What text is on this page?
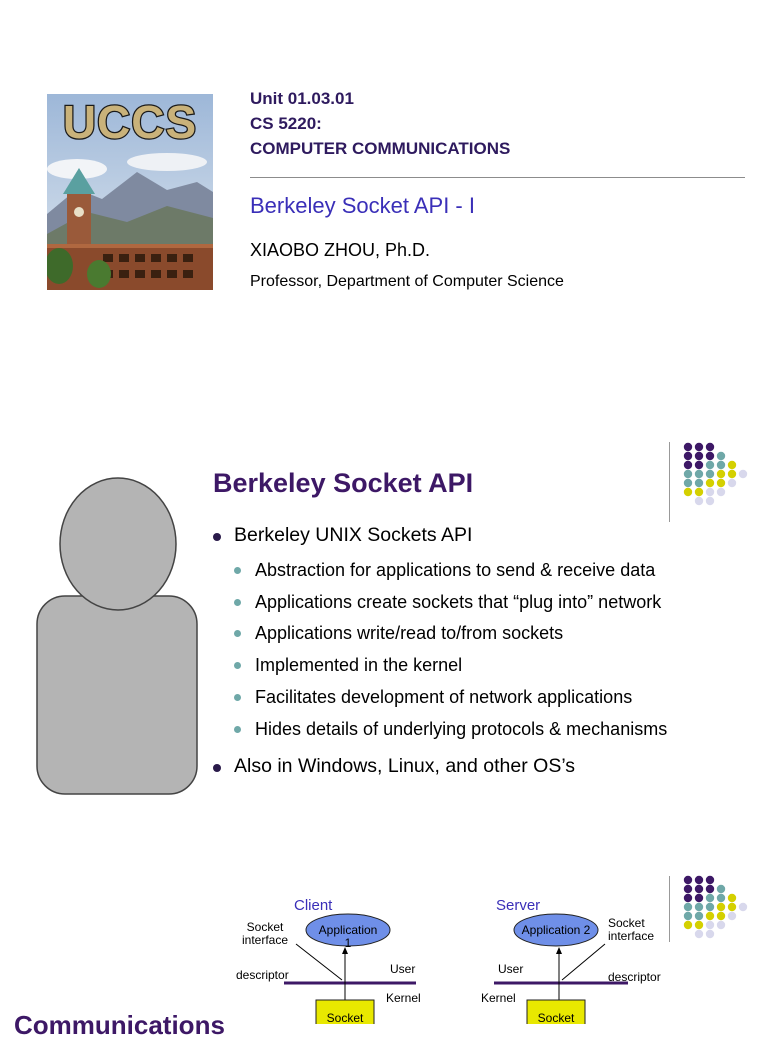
UCCS	Unit 01.03.01
CS 5220:
COMPUTER COMMUNICATIONS
Berkeley Socket API - I
XIAOBO ZHOU, Ph.D.
Professor, Department of Computer Science
Berkeley Socket API
Berkeley UNIX Sockets API
Abstraction for applications to send & receive data
Applications create sockets that “plug into” network
Applications write/read to/from sockets
Implemented in the kernel
Facilitates development of network applications
Hides details of underlying protocols & mechanisms
Also in Windows, Linux, and other OS’s
Client
Application 1
Socket
interface
descriptor	User
Kernel
Socket
Server
Application 2	Socket
interface
descriptor
User
Kernel
Socket
Communications
